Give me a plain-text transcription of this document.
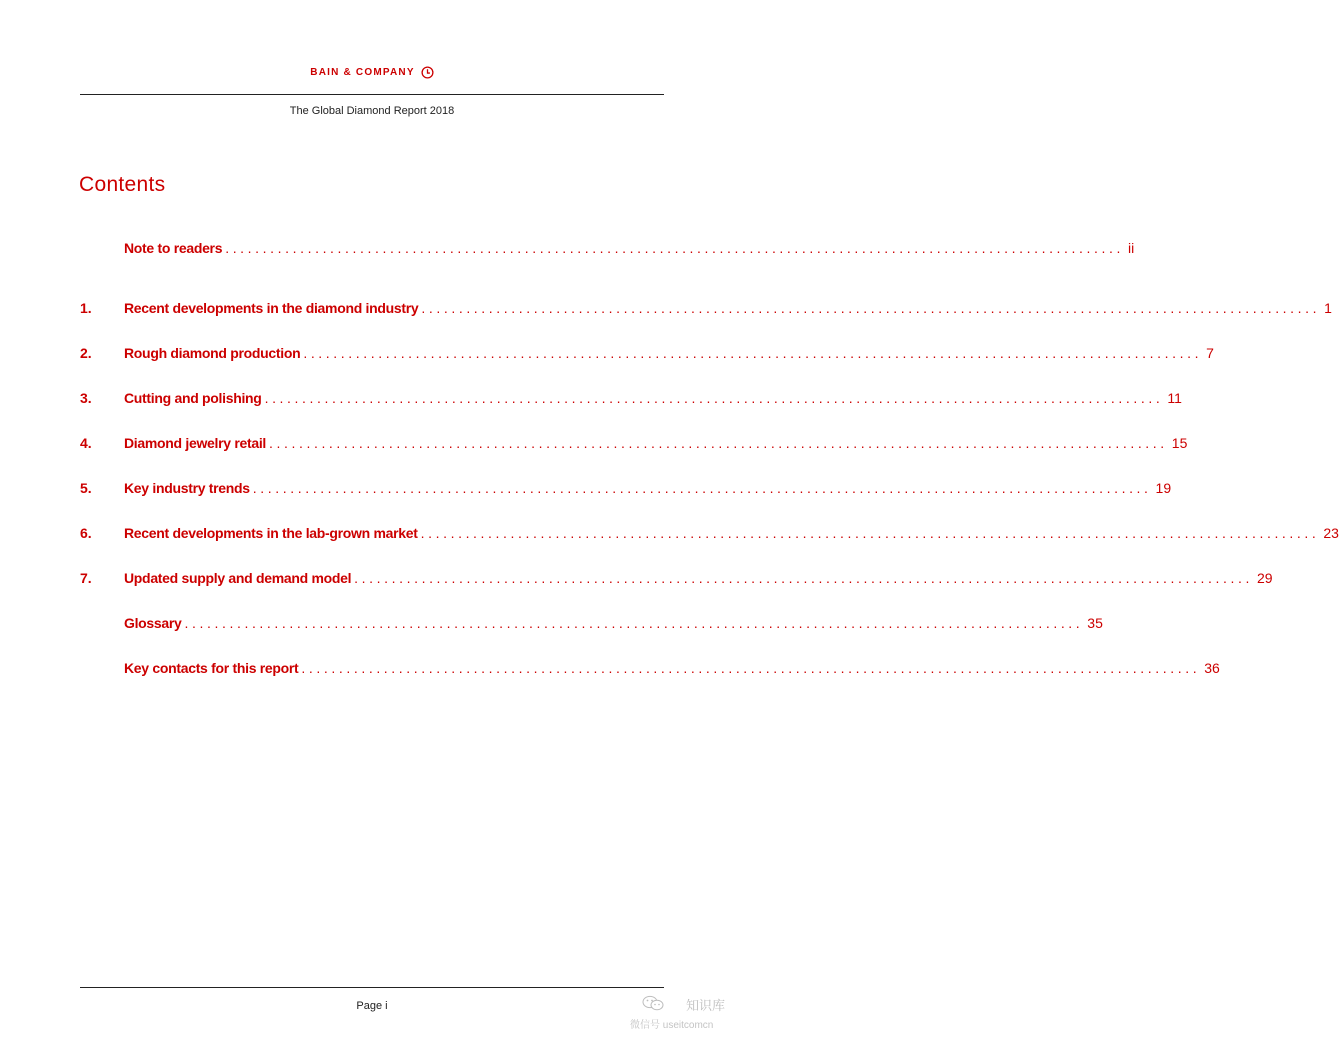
BAIN & COMPANY
The Global Diamond Report 2018
Contents
Note to readers ........................................................................................................................ ii
1.	Recent developments in the diamond industry ........................................................................................................................ 1
2.	Rough diamond production ........................................................................................................................ 7
3.	Cutting and polishing ........................................................................................................................ 11
4.	Diamond jewelry retail ........................................................................................................................ 15
5.	Key industry trends ........................................................................................................................ 19
6.	Recent developments in the lab-grown market ........................................................................................................................ 23
7.	Updated supply and demand model ........................................................................................................................ 29
Glossary ........................................................................................................................ 35
Key contacts for this report ........................................................................................................................ 36
Page i	知识库
微信号 useitcomcn
